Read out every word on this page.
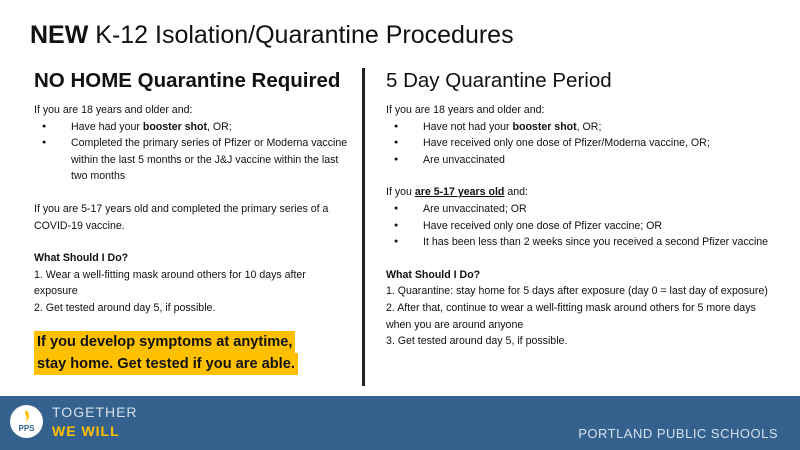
NEW K-12 Isolation/Quarantine Procedures
NO HOME Quarantine Required
If you are 18 years and older and:
● Have had your booster shot, OR;
● Completed the primary series of Pfizer or Moderna vaccine within the last 5 months or the J&J vaccine within the last two months
If you are 5-17 years old and completed the primary series of a COVID-19 vaccine.
What Should I Do?
1. Wear a well-fitting mask around others for 10 days after exposure
2. Get tested around day 5, if possible.
If you develop symptoms at anytime,
stay home. Get tested if you are able.
5 Day Quarantine Period
If you are 18 years and older and:
● Have not had your booster shot, OR;
● Have received only one dose of Pfizer/Moderna vaccine, OR;
● Are unvaccinated
If you are 5-17 years old and:
● Are unvaccinated; OR
● Have received only one dose of Pfizer vaccine; OR
● It has been less than 2 weeks since you received a second Pfizer vaccine
What Should I Do?
1. Quarantine: stay home for 5 days after exposure (day 0 = last day of exposure)
2. After that, continue to wear a well-fitting mask around others for 5 more days when you are around anyone
3. Get tested around day 5, if possible.
PPS
TOGETHER
WE WILL	PORTLAND PUBLIC SCHOOLS
